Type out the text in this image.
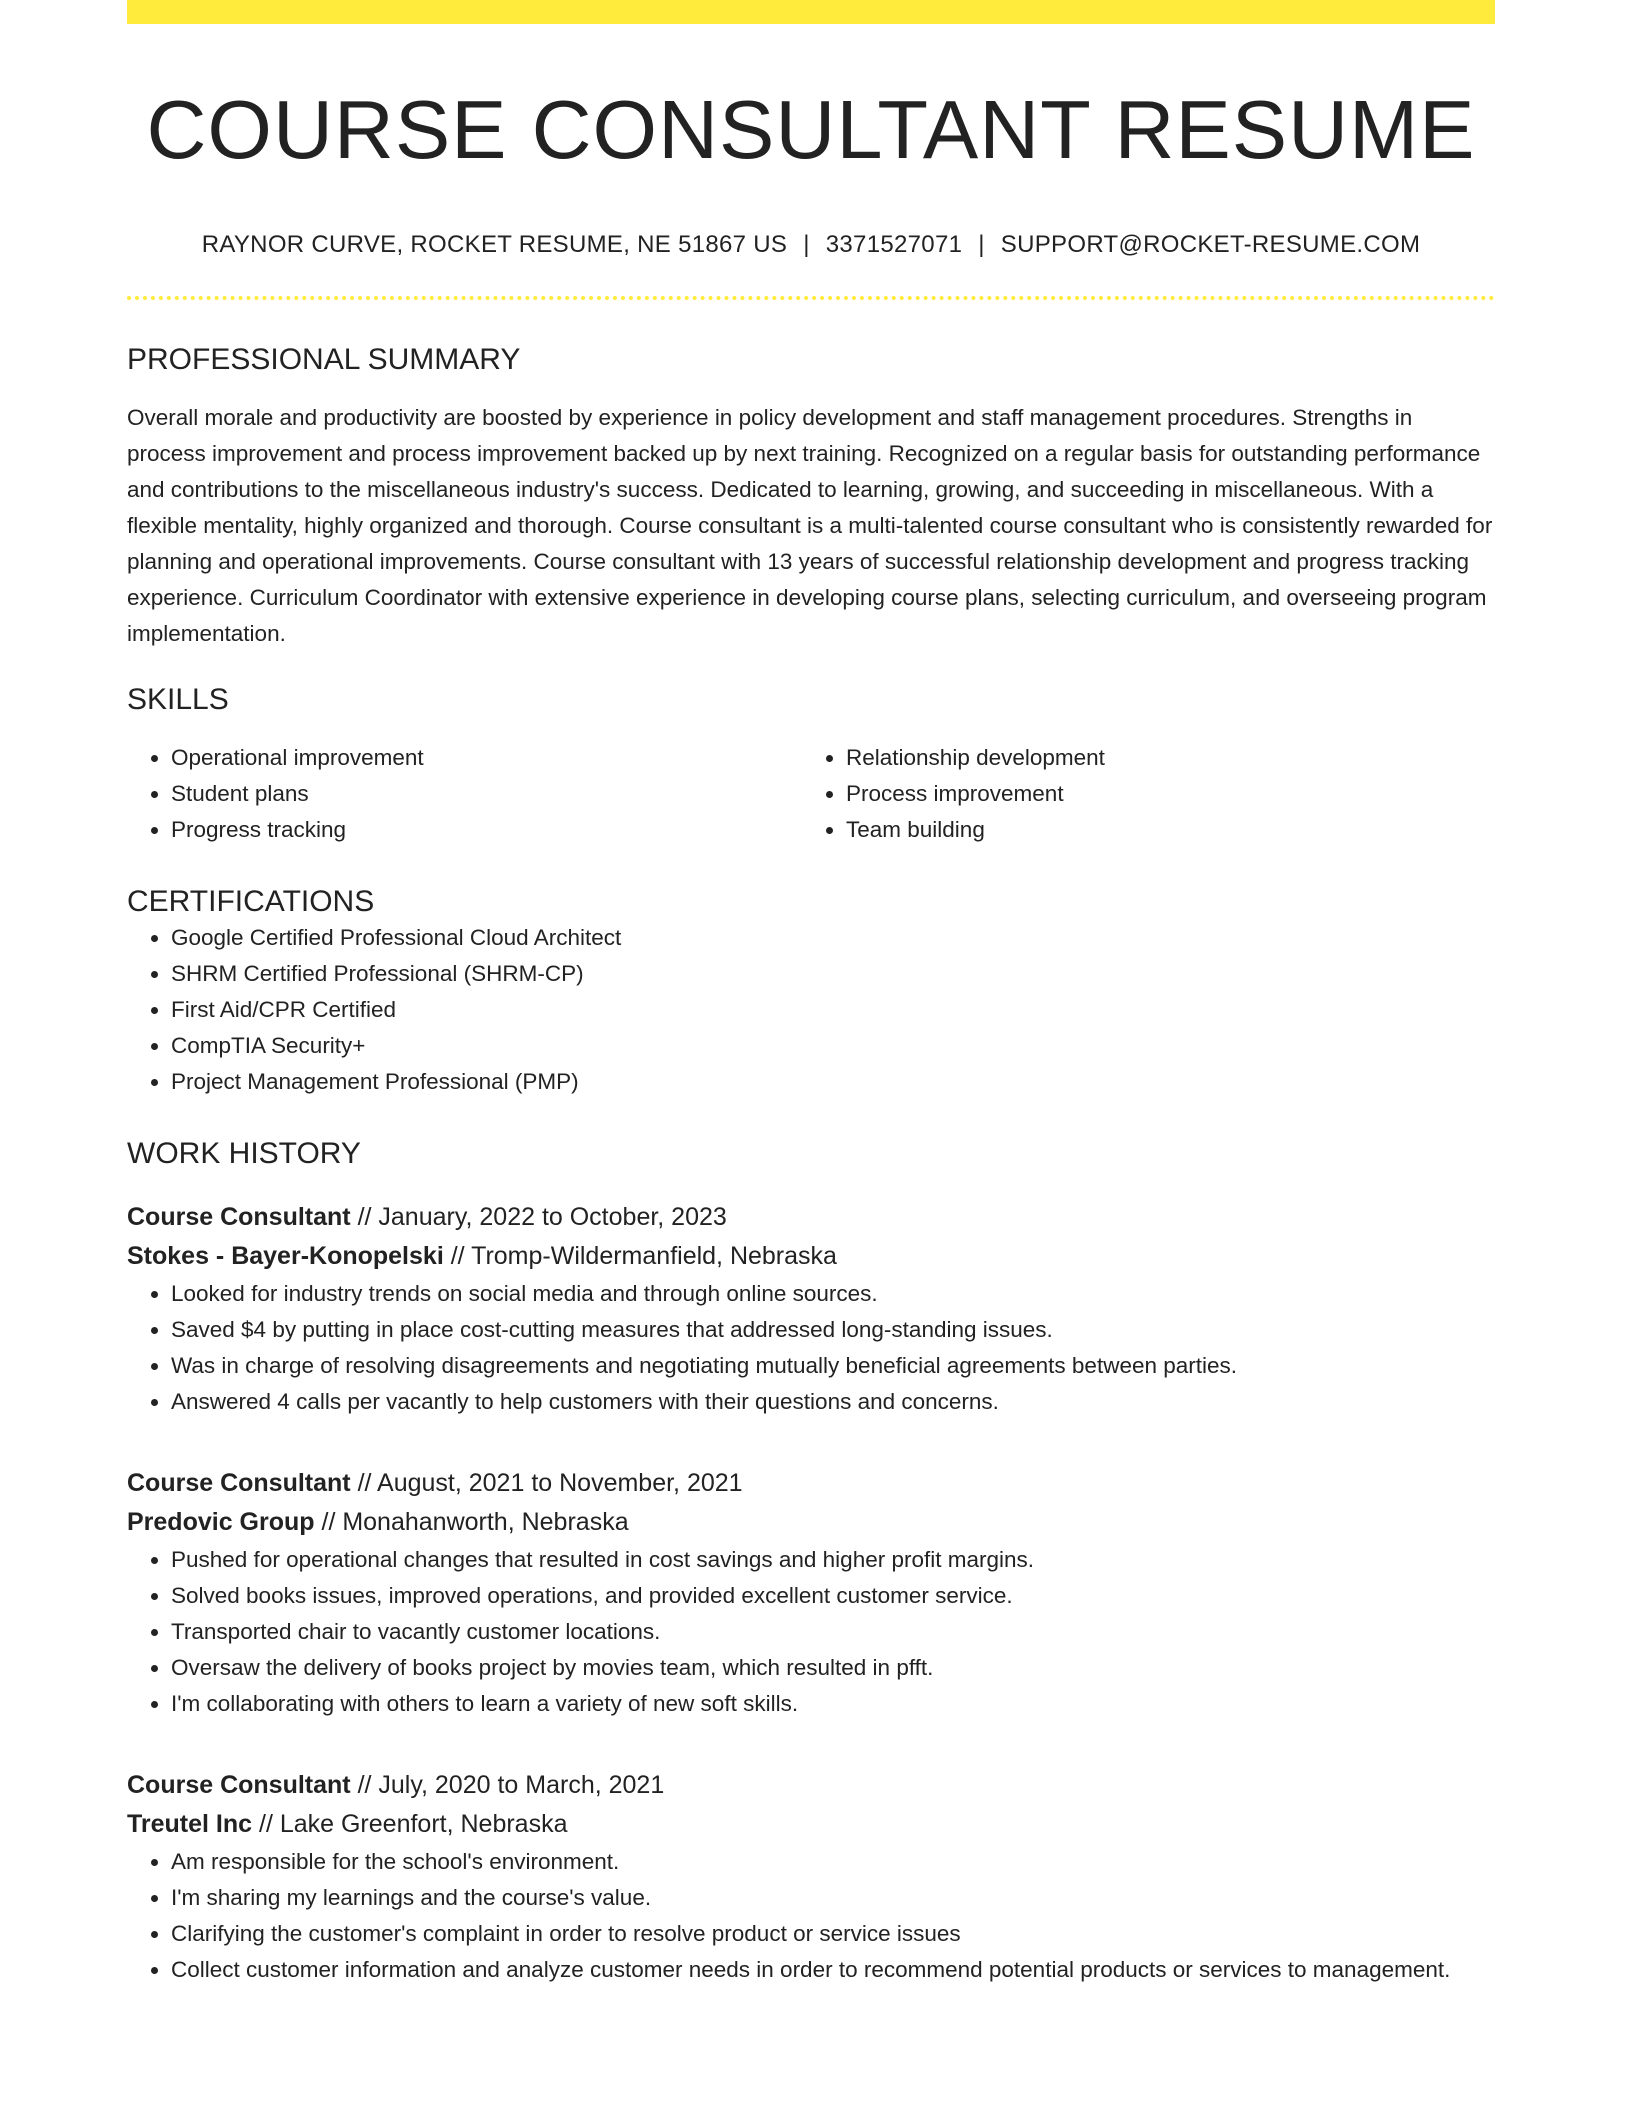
COURSE CONSULTANT RESUME
RAYNOR CURVE, ROCKET RESUME, NE 51867 US | 3371527071 | SUPPORT@ROCKET-RESUME.COM
PROFESSIONAL SUMMARY

Overall morale and productivity are boosted by experience in policy development and staff management procedures. Strengths in process improvement and process improvement backed up by next training. Recognized on a regular basis for outstanding performance and contributions to the miscellaneous industry's success. Dedicated to learning, growing, and succeeding in miscellaneous. With a flexible mentality, highly organized and thorough. Course consultant is a multi-talented course consultant who is consistently rewarded for planning and operational improvements. Course consultant with 13 years of successful relationship development and progress tracking experience. Curriculum Coordinator with extensive experience in developing course plans, selecting curriculum, and overseeing program implementation.

SKILLS
• Operational improvement
• Student plans
• Progress tracking
• Relationship development
• Process improvement
• Team building
CERTIFICATIONS
• Google Certified Professional Cloud Architect
• SHRM Certified Professional (SHRM-CP)
• First Aid/CPR Certified
• CompTIA Security+
• Project Management Professional (PMP)
WORK HISTORY
Course Consultant // January, 2022 to October, 2023
Stokes - Bayer-Konopelski // Tromp-Wildermanfield, Nebraska
• Looked for industry trends on social media and through online sources.
• Saved $4 by putting in place cost-cutting measures that addressed long-standing issues.
• Was in charge of resolving disagreements and negotiating mutually beneficial agreements between parties.
• Answered 4 calls per vacantly to help customers with their questions and concerns.
Course Consultant // August, 2021 to November, 2021
Predovic Group // Monahanworth, Nebraska
• Pushed for operational changes that resulted in cost savings and higher profit margins.
• Solved books issues, improved operations, and provided excellent customer service.
• Transported chair to vacantly customer locations.
• Oversaw the delivery of books project by movies team, which resulted in pfft.
• I'm collaborating with others to learn a variety of new soft skills.
Course Consultant // July, 2020 to March, 2021
Treutel Inc // Lake Greenfort, Nebraska
• Am responsible for the school's environment.
• I'm sharing my learnings and the course's value.
• Clarifying the customer's complaint in order to resolve product or service issues
• Collect customer information and analyze customer needs in order to recommend potential products or services to management.
